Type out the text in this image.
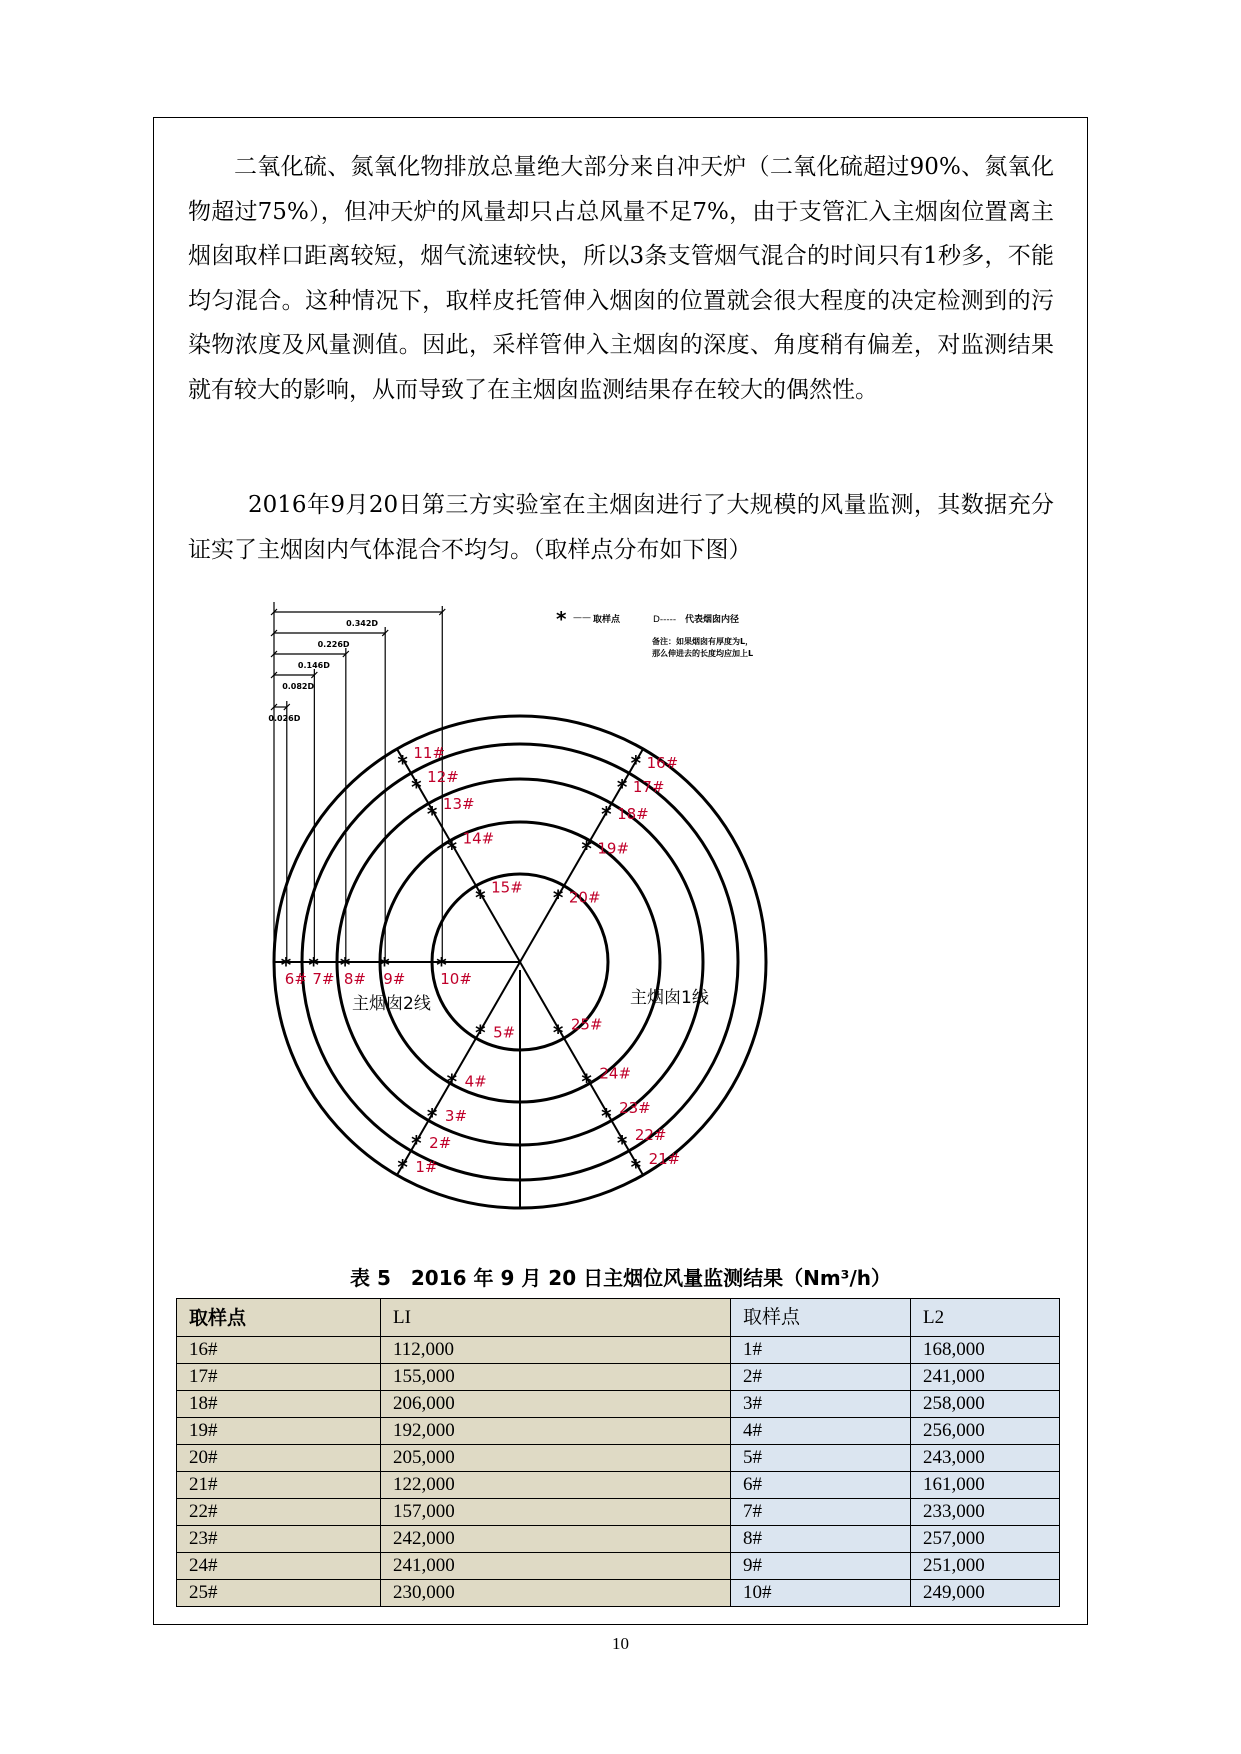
二氧化硫、氮氧化物排放总量绝大部分来自冲天炉（二氧化硫超过90%、氮氧化物超过75%），但冲天炉的风量却只占总风量不足7%，由于支管汇入主烟囱位置离主烟囱取样口距离较短，烟气流速较快，所以3条支管烟气混合的时间只有1秒多，不能均匀混合。这种情况下，取样皮托管伸入烟囱的位置就会很大程度的决定检测到的污染物浓度及风量测值。因此，采样管伸入主烟囱的深度、角度稍有偏差，对监测结果就有较大的影响，从而导致了在主烟囱监测结果存在较大的偶然性。

2016年9月20日第三方实验室在主烟囱进行了大规模的风量监测，其数据充分证实了主烟囱内气体混合不均匀。（取样点分布如下图）

0.342D
0.226D
0.146D
0.082D
0.026D
* 11#
* 12#
* 13#
* 14#
* 15#
* 16#
* 17#
* 18#
* 19#
* 20#
*
6#
*
7#
*
8#
*
9#
*
10#
* 1#
* 2#
* 3#
* 4#
* 5#
* 21#
* 22#
* 23#
* 24#
* 25#
* —— 取样点	D----- 代表烟囱内径
备注：如果烟囱有厚度为L，
那么伸进去的长度均应加上L
主烟囱2线	主烟囱1线
表 5　2016 年 9 月 20 日主烟位风量监测结果（Nm³/h）
取样点	LI	取样点	L2
16#	112,000	1#	168,000
17#	155,000	2#	241,000
18#	206,000	3#	258,000
19#	192,000	4#	256,000
20#	205,000	5#	243,000
21#	122,000	6#	161,000
22#	157,000	7#	233,000
23#	242,000	8#	257,000
24#	241,000	9#	251,000
25#	230,000	10#	249,000
10
